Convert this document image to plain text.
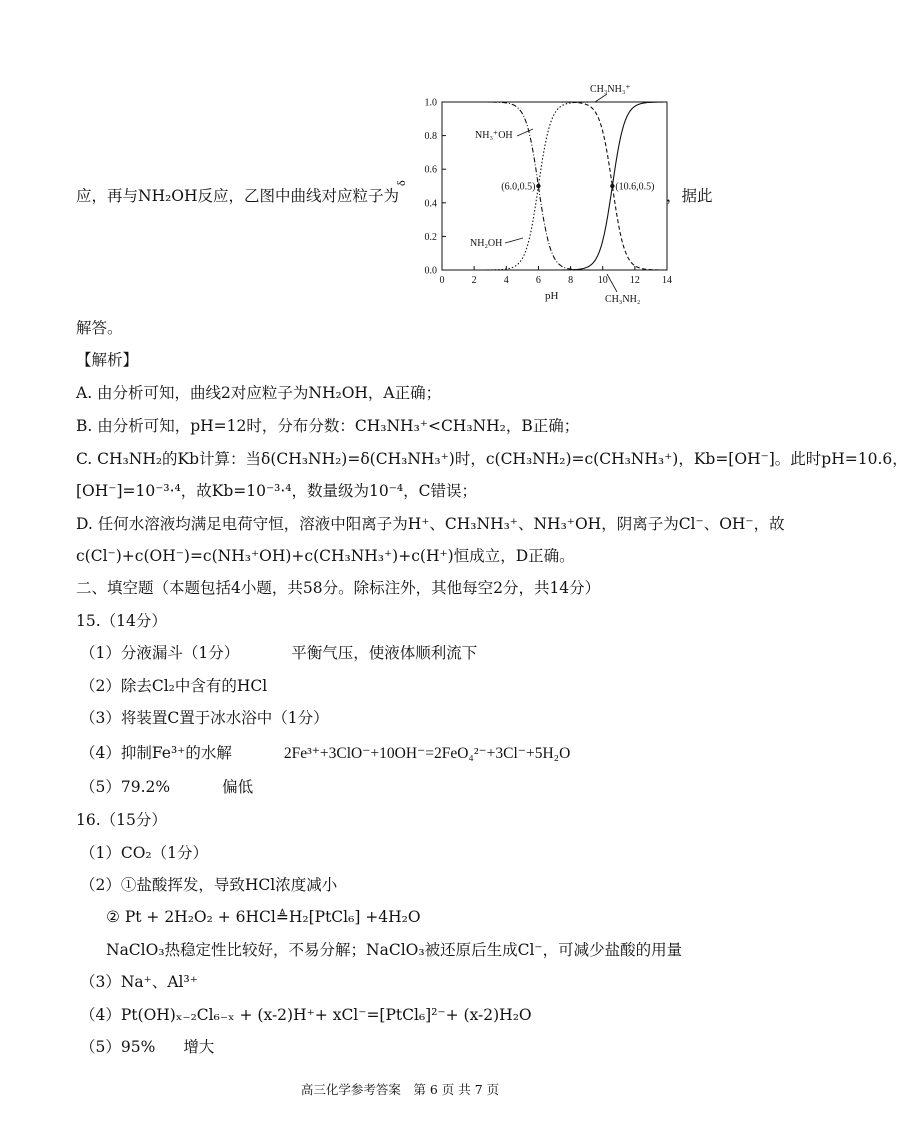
应，再与NH₂OH反应，乙图中曲线对应粒子为	，据此
0	2	4	6	8 10 12 14
0.0
0.2
0.4
0.6
0.8
1.0
(6.0,0.5)	(10.6,0.5)
NH₃⁺OH
NH₂OH
CH₃NH₃⁺
CH₃NH₂
δ
pH
解答。
【解析】
A. 由分析可知，曲线2对应粒子为NH₂OH，A正确；
B. 由分析可知，pH=12时，分布分数：CH₃NH₃⁺<CH₃NH₂，B正确；
C. CH₃NH₂的Kb计算：当δ(CH₃NH₂)=δ(CH₃NH₃⁺)时，c(CH₃NH₂)=c(CH₃NH₃⁺)，Kb=[OH⁻]。此时pH=10.6，
[OH⁻]=10⁻³·⁴，故Kb=10⁻³·⁴，数量级为10⁻⁴，C错误；
D. 任何水溶液均满足电荷守恒，溶液中阳离子为H⁺、CH₃NH₃⁺、NH₃⁺OH，阴离子为Cl⁻、OH⁻，故
c(Cl⁻)+c(OH⁻)=c(NH₃⁺OH)+c(CH₃NH₃⁺)+c(H⁺)恒成立，D正确。
二、填空题（本题包括4小题，共58分。除标注外，其他每空2分，共14分）
15.（14分）
（1）分液漏斗（1分）	平衡气压，使液体顺利流下
（2）除去Cl₂中含有的HCl
（3）将装置C置于冰水浴中（1分）
（4）抑制Fe³⁺的水解	2Fe³⁺+3ClO⁻+10OH⁻=2FeO₄²⁻+3Cl⁻+5H₂O
（5）79.2%	偏低
16.（15分）
（1）CO₂（1分）
（2）①盐酸挥发，导致HCl浓度减小
② Pt + 2H₂O₂ + 6HCl≜H₂[PtCl₆] +4H₂O
NaClO₃热稳定性比较好，不易分解；NaClO₃被还原后生成Cl⁻，可减少盐酸的用量
（3）Na⁺、Al³⁺
（4）Pt(OH)ₓ₋₂Cl₆₋ₓ + (x-2)H⁺+ xCl⁻=[PtCl₆]²⁻+ (x-2)H₂O
（5）95% 增大
高三化学参考答案　第 6 页 共 7 页
